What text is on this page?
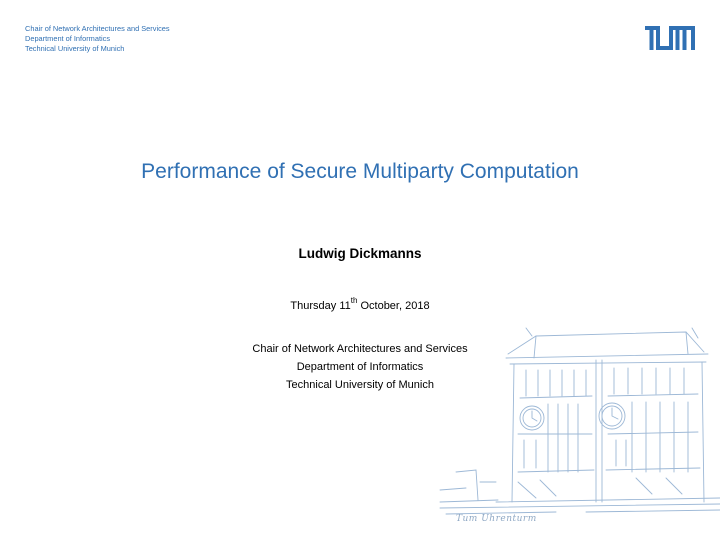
Chair of Network Architectures and Services
Department of Informatics
Technical University of Munich
Performance of Secure Multiparty Computation
Ludwig Dickmanns
Thursday 11th October, 2018
Chair of Network Architectures and Services
Department of Informatics
Technical University of Munich
Tum Uhrenturm
